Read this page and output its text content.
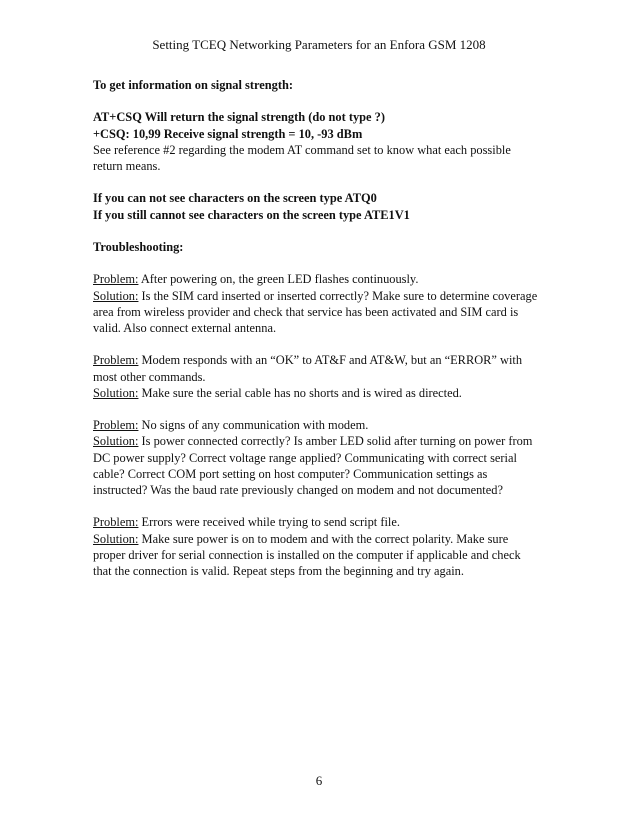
Setting TCEQ Networking Parameters for an Enfora GSM 1208

To get information on signal strength:

AT+CSQ Will return the signal strength (do not type ?)

+CSQ: 10,99 Receive signal strength = 10, -93 dBm

See reference #2 regarding the modem AT command set to know what each possible

return means.

If you can not see characters on the screen type ATQ0

If you still cannot see characters on the screen type ATE1V1

Troubleshooting:

Problem: After powering on, the green LED flashes continuously.

Solution: Is the SIM card inserted or inserted correctly? Make sure to determine coverage

area from wireless provider and check that service has been activated and SIM card is

valid. Also connect external antenna.

Problem: Modem responds with an “OK” to AT&F and AT&W, but an “ERROR” with

most other commands.

Solution: Make sure the serial cable has no shorts and is wired as directed.

Problem: No signs of any communication with modem.

Solution: Is power connected correctly? Is amber LED solid after turning on power from

DC power supply? Correct voltage range applied? Communicating with correct serial

cable? Correct COM port setting on host computer? Communication settings as

instructed? Was the baud rate previously changed on modem and not documented?

Problem: Errors were received while trying to send script file.

Solution: Make sure power is on to modem and with the correct polarity. Make sure

proper driver for serial connection is installed on the computer if applicable and check

that the connection is valid. Repeat steps from the beginning and try again.

6
